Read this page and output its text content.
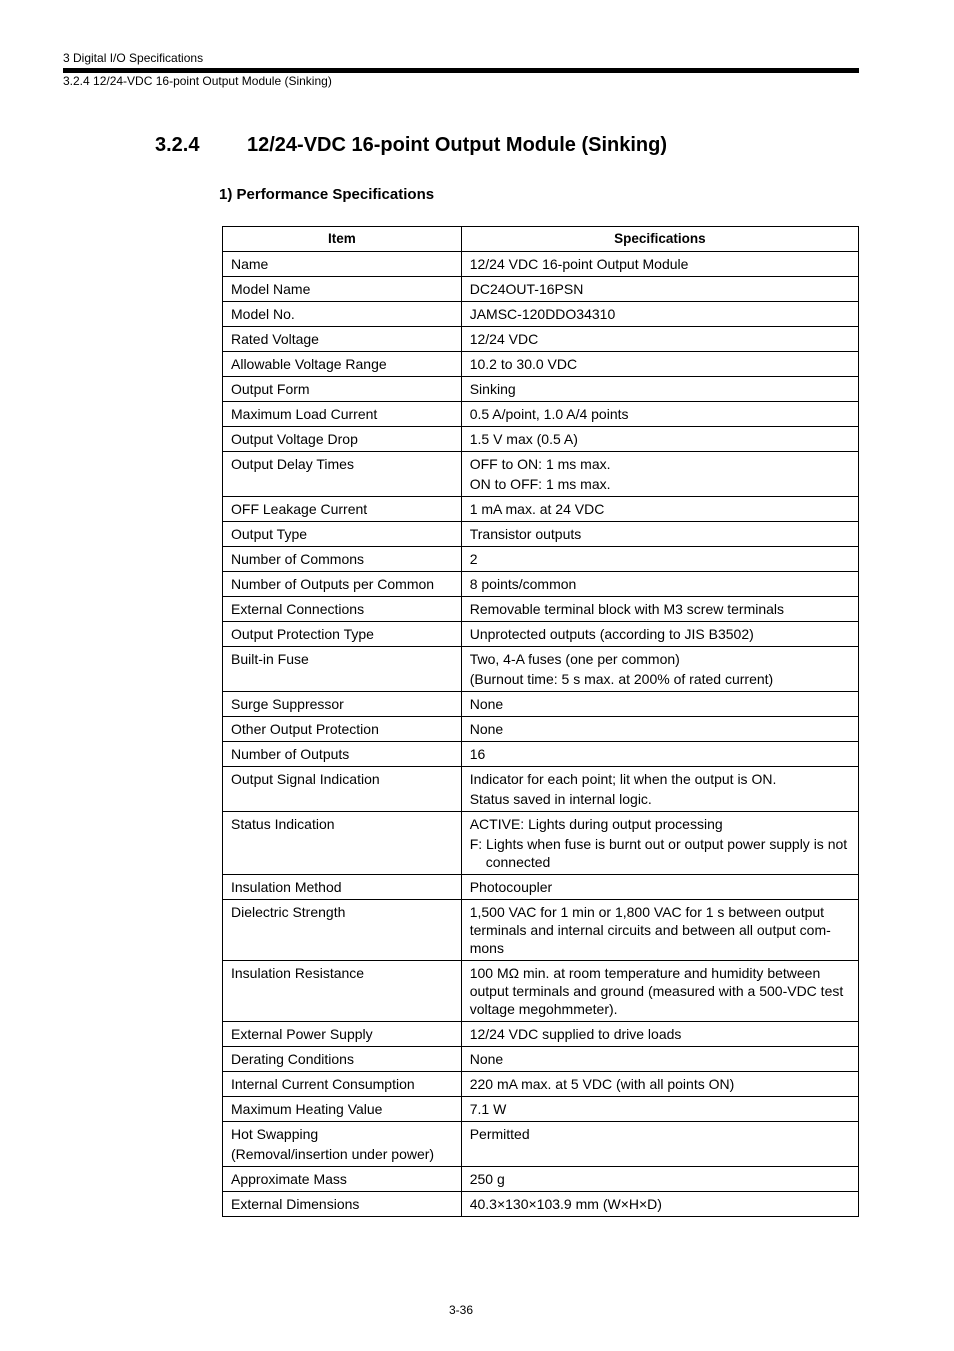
3 Digital I/O Specifications
3.2.4 12/24-VDC 16-point Output Module (Sinking)
3.2.4	12/24-VDC 16-point Output Module (Sinking)
1) Performance Specifications
Item	Specifications

Name	12/24 VDC 16-point Output Module

Model Name	DC24OUT-16PSN

Model No.	JAMSC-120DDO34310

Rated Voltage	12/24 VDC

Allowable Voltage Range	10.2 to 30.0 VDC

Output Form	Sinking

Maximum Load Current	0.5 A/point, 1.0 A/4 points

Output Voltage Drop	1.5 V max (0.5 A)

Output Delay Times	OFF to ON: 1 ms max.
ON to OFF: 1 ms max.

OFF Leakage Current	1 mA max. at 24 VDC

Output Type	Transistor outputs

Number of Commons	2

Number of Outputs per Common	8 points/common

External Connections	Removable terminal block with M3 screw terminals

Output Protection Type	Unprotected outputs (according to JIS B3502)

Built-in Fuse	Two, 4-A fuses (one per common)
(Burnout time: 5 s max. at 200% of rated current)

Surge Suppressor	None

Other Output Protection	None

Number of Outputs	16

Output Signal Indication	Indicator for each point; lit when the output is ON.
Status saved in internal logic.

Status Indication	ACTIVE: Lights during output processing
F: Lights when fuse is burnt out or output power supply is not connected

Insulation Method	Photocoupler

Dielectric Strength	1,500 VAC for 1 min or 1,800 VAC for 1 s between output terminals and internal circuits and between all output com-mons

Insulation Resistance	100 MΩ min. at room temperature and humidity between output terminals and ground (measured with a 500-VDC test voltage megohmmeter).

External Power Supply	12/24 VDC supplied to drive loads

Derating Conditions	None

Internal Current Consumption	220 mA max. at 5 VDC (with all points ON)

Maximum Heating Value	7.1 W

Hot Swapping
(Removal/insertion under power)	Permitted

Approximate Mass	250 g

External Dimensions	40.3×130×103.9 mm (W×H×D)
3-36
